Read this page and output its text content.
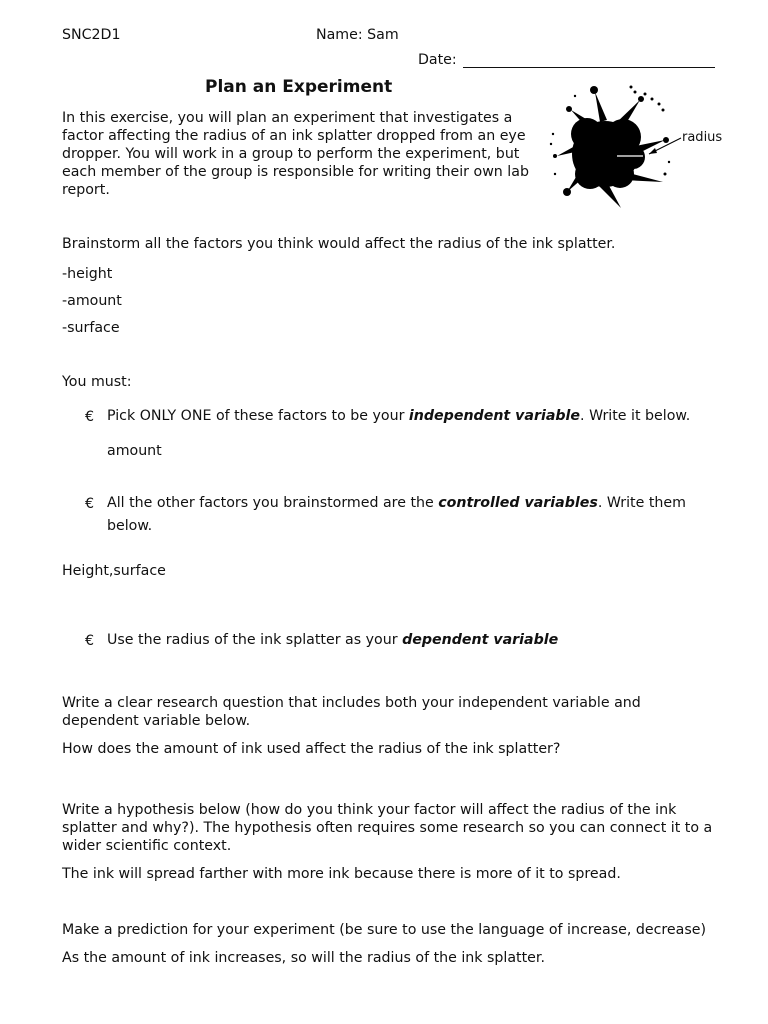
SNC2D1	Name: Sam
Date:
Plan an Experiment
In this exercise, you will plan an experiment that investigates a factor affecting the radius of an ink splatter dropped from an eye dropper. You will work in a group to perform the experiment, but each member of the group is responsible for writing their own lab report.
radius
Brainstorm all the factors you think would affect the radius of the ink splatter.
-height
-amount
-surface
You must:
€ Pick ONLY ONE of these factors to be your independent variable. Write it below.
amount
€ All the other factors you brainstormed are the controlled variables. Write them below.
Height,surface
€ Use the radius of the ink splatter as your dependent variable
Write a clear research question that includes both your independent variable and dependent variable below.
How does the amount of ink used affect the radius of the ink splatter?
Write a hypothesis below (how do you think your factor will affect the radius of the ink splatter and why?). The hypothesis often requires some research so you can connect it to a wider scientific context.
The ink will spread farther with more ink because there is more of it to spread.
Make a prediction for your experiment (be sure to use the language of increase, decrease)
As the amount of ink increases, so will the radius of the ink splatter.
